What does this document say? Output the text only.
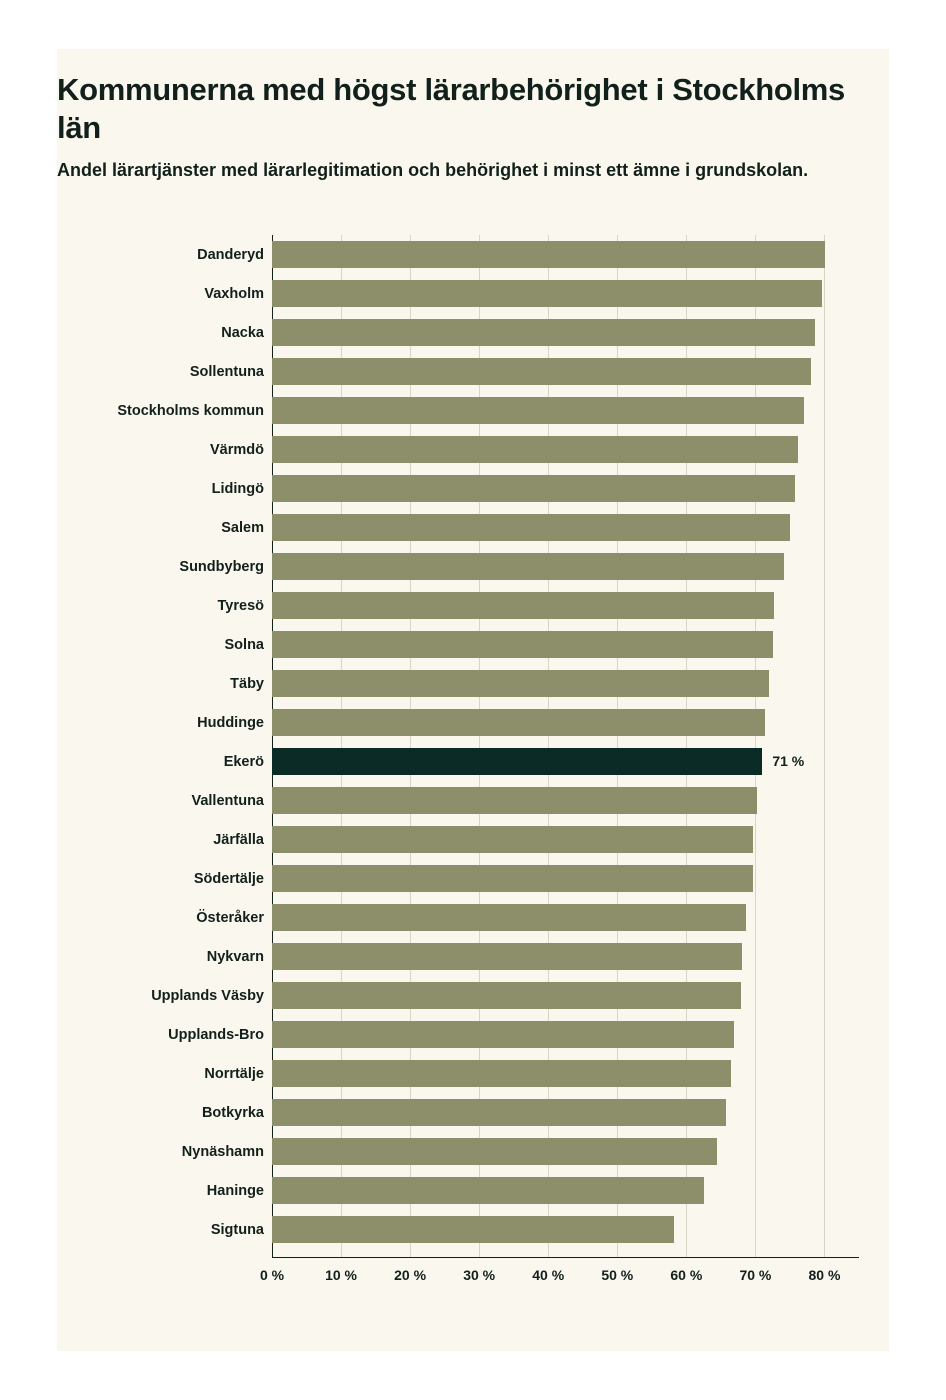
Kommunerna med högst lärarbehörighet i Stockholms län
Andel lärartjänster med lärarlegitimation och behörighet i minst ett ämne i grundskolan.
Danderyd
Vaxholm
Nacka
Sollentuna
Stockholms kommun
Värmdö
Lidingö
Salem
Sundbyberg
Tyresö
Solna
Täby
Huddinge
Ekerö	71 %
Vallentuna
Järfälla
Södertälje
Österåker
Nykvarn
Upplands Väsby
Upplands-Bro
Norrtälje
Botkyrka
Nynäshamn
Haninge
Sigtuna
0 %	10 %	20 %	30 %	40 %	50 %	60 %	70 %	80 %
